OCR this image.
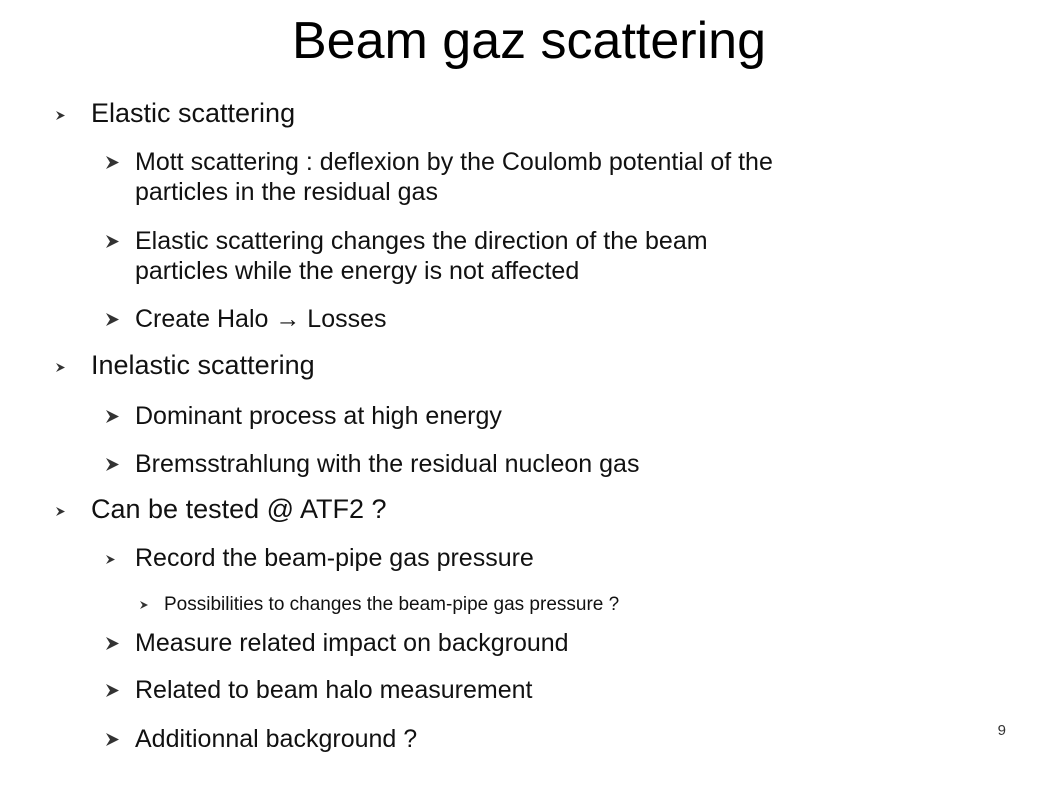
Beam gaz scattering
Elastic scattering
Mott scattering : deflexion by the Coulomb potential of the
particles in the residual gas
Elastic scattering changes the direction of the beam
particles while the energy is not affected
Create Halo → Losses
Inelastic scattering
Dominant process at high energy
Bremsstrahlung with the residual nucleon gas
Can be tested @ ATF2 ?
Record the beam-pipe gas pressure
Possibilities to changes the beam-pipe gas pressure ?
Measure related impact on background
Related to beam halo measurement
Additionnal background ?	9
